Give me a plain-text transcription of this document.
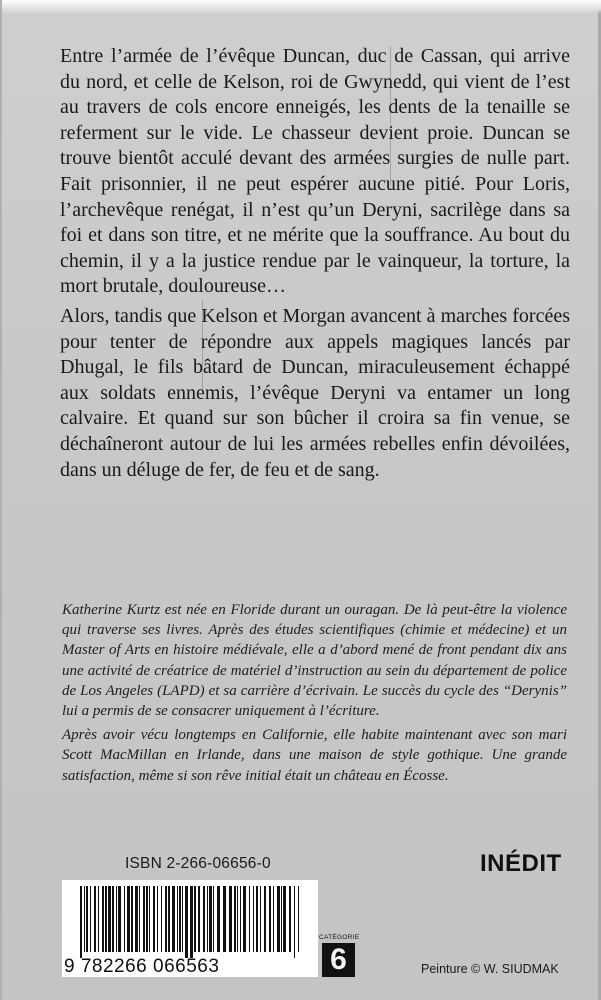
Entre l’armée de l’évêque Duncan, duc de Cassan, qui arrive du nord, et celle de Kelson, roi de Gwynedd, qui vient de l’est au travers de cols encore enneigés, les dents de la tenaille se referment sur le vide. Le chasseur devient proie. Duncan se trouve bientôt acculé devant des armées surgies de nulle part. Fait prisonnier, il ne peut espérer aucune pitié. Pour Loris, l’archevêque renégat, il n’est qu’un Deryni, sacrilège dans sa foi et dans son titre, et ne mérite que la souffrance. Au bout du chemin, il y a la justice rendue par le vainqueur, la torture, la mort brutale, douloureuse…

Alors, tandis que Kelson et Morgan avancent à marches forcées pour tenter de répondre aux appels magiques lancés par Dhugal, le fils bâtard de Duncan, miraculeusement échappé aux soldats ennemis, l’évêque Deryni va entamer un long calvaire. Et quand sur son bûcher il croira sa fin venue, se déchaîneront autour de lui les armées rebelles enfin dévoilées, dans un déluge de fer, de feu et de sang.

Katherine Kurtz est née en Floride durant un ouragan. De là peut-être la violence qui traverse ses livres. Après des études scientifiques (chimie et médecine) et un Master of Arts en histoire médiévale, elle a d’abord mené de front pendant dix ans une activité de créatrice de matériel d’instruction au sein du département de police de Los Angeles (LAPD) et sa carrière d’écrivain. Le succès du cycle des “Derynis” lui a permis de se consacrer uniquement à l’écriture.

Après avoir vécu longtemps en Californie, elle habite maintenant avec son mari Scott MacMillan en Irlande, dans une maison de style gothique. Une grande satisfaction, même si son rêve initial était un château en Écosse.

ISBN 2-266-06656-0	INÉDIT
9 782266 066563
CATÉGORIE
6	Peinture © W. SIUDMAK
